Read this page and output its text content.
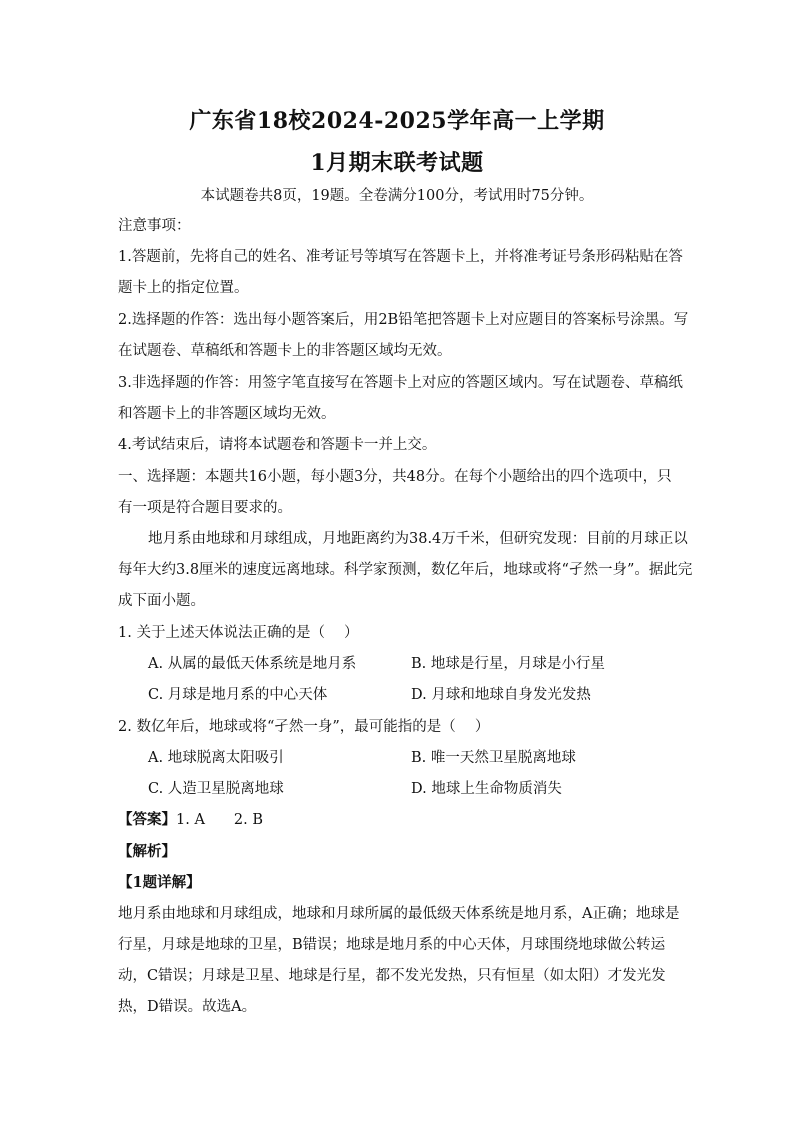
广东省18校2024-2025学年高一上学期
1月期末联考试题
本试题卷共8页，19题。全卷满分100分，考试用时75分钟。
注意事项：
1.答题前，先将自己的姓名、准考证号等填写在答题卡上，并将准考证号条形码粘贴在答
题卡上的指定位置。
2.选择题的作答：选出每小题答案后，用2B铅笔把答题卡上对应题目的答案标号涂黑。写
在试题卷、草稿纸和答题卡上的非答题区域均无效。
3.非选择题的作答：用签字笔直接写在答题卡上对应的答题区域内。写在试题卷、草稿纸
和答题卡上的非答题区域均无效。
4.考试结束后，请将本试题卷和答题卡一并上交。
一、选择题：本题共16小题，每小题3分，共48分。在每个小题给出的四个选项中，只
有一项是符合题目要求的。
地月系由地球和月球组成，月地距离约为38.4万千米，但研究发现：目前的月球正以
每年大约3.8厘米的速度远离地球。科学家预测，数亿年后，地球或将“孑然一身”。据此完
成下面小题。
1. 关于上述天体说法正确的是（　 ）
A. 从属的最低天体系统是地月系	B. 地球是行星，月球是小行星
C. 月球是地月系的中心天体	D. 月球和地球自身发光发热
2. 数亿年后，地球或将“孑然一身”，最可能指的是（　 ）
A. 地球脱离太阳吸引	B. 唯一天然卫星脱离地球
C. 人造卫星脱离地球	D. 地球上生命物质消失
【答案】1. A　　2. B
【解析】
【1题详解】
地月系由地球和月球组成，地球和月球所属的最低级天体系统是地月系，A正确；地球是
行星，月球是地球的卫星，B错误；地球是地月系的中心天体，月球围绕地球做公转运
动，C错误；月球是卫星、地球是行星，都不发光发热，只有恒星（如太阳）才发光发
热，D错误。故选A。
